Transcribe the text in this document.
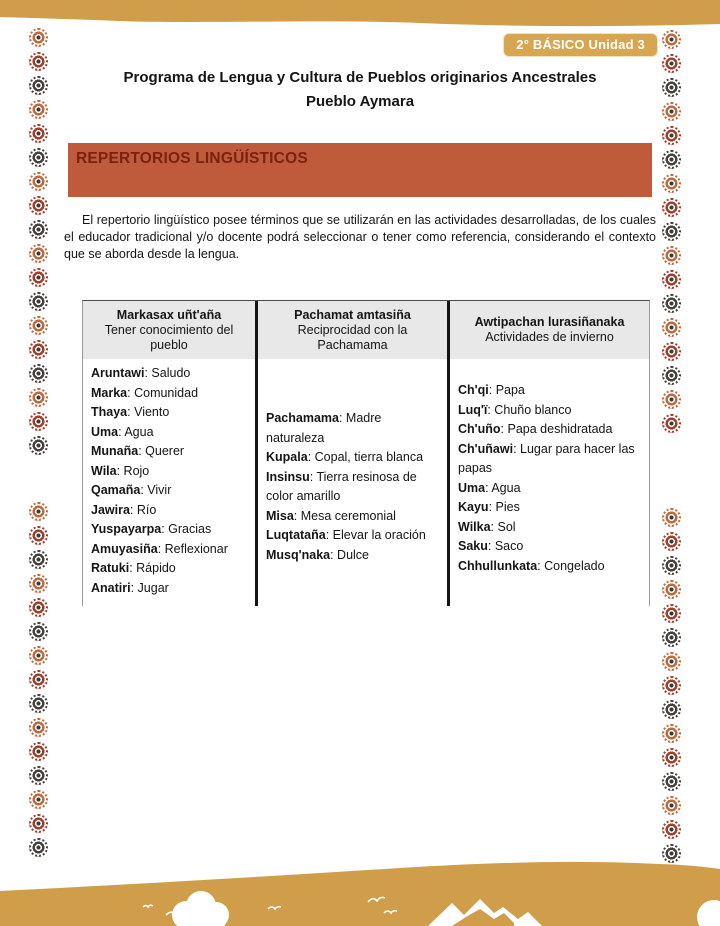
2° BÁSICO Unidad 3
Programa de Lengua y Cultura de Pueblos originarios Ancestrales
Pueblo Aymara
REPERTORIOS LINGÜÍSTICOS
El repertorio lingüístico posee términos que se utilizarán en las actividades desarrolladas, de los cuales el educador tradicional y/o docente podrá seleccionar o tener como referencia, considerando el contexto que se aborda desde la lengua.
Markasax uñt'aña
Tener conocimiento del pueblo
Aruntawi: Saludo
Marka: Comunidad
Thaya: Viento
Uma: Agua
Munaña: Querer
Wila: Rojo
Qamaña: Vivir
Jawira: Río
Yuspayarpa: Gracias
Amuyasiña: Reflexionar
Ratuki: Rápido
Anatiri: Jugar
Pachamat amtasiña
Reciprocidad con la Pachamama
Pachamama: Madre naturaleza
Kupala: Copal, tierra blanca
Insinsu: Tierra resinosa de color amarillo
Misa: Mesa ceremonial
Luqtataña: Elevar la oración
Musq'naka: Dulce
Awtipachan lurasiñanaka
Actividades de invierno
Ch'qi: Papa
Luq'ï: Chuño blanco
Ch'uño: Papa deshidratada
Ch'uñawi: Lugar para hacer las papas
Uma: Agua
Kayu: Pies
Wilka: Sol
Saku: Saco
Chhullunkata: Congelado
